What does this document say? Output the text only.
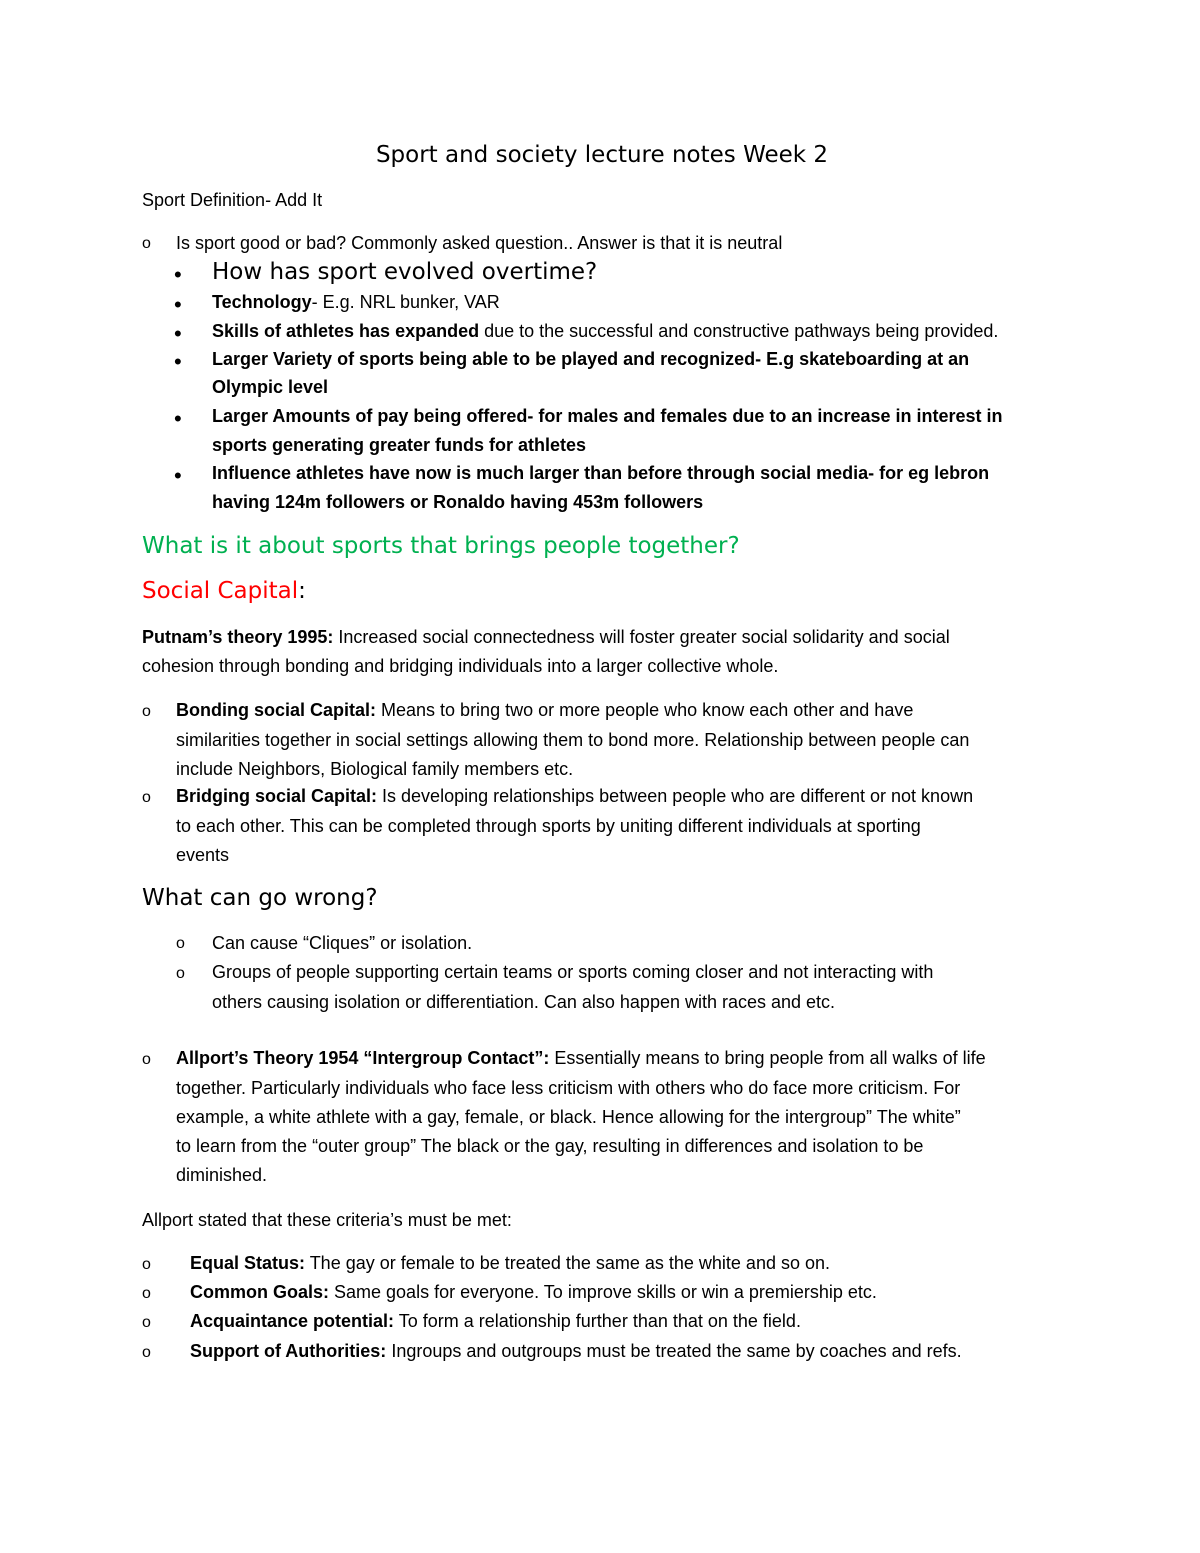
Sport and society lecture notes Week 2
Sport Definition- Add It
o Is sport good or bad? Commonly asked question.. Answer is that it is neutral
• How has sport evolved overtime?
• Technology- E.g. NRL bunker, VAR
• Skills of athletes has expanded due to the successful and constructive pathways being provided.
• Larger Variety of sports being able to be played and recognized- E.g skateboarding at an
Olympic level
• Larger Amounts of pay being offered- for males and females due to an increase in interest in
sports generating greater funds for athletes
• Influence athletes have now is much larger than before through social media- for eg lebron
having 124m followers or Ronaldo having 453m followers
What is it about sports that brings people together?
Social Capital:
Putnam’s theory 1995: Increased social connectedness will foster greater social solidarity and social
cohesion through bonding and bridging individuals into a larger collective whole.
o Bonding social Capital: Means to bring two or more people who know each other and have
similarities together in social settings allowing them to bond more. Relationship between people can
include Neighbors, Biological family members etc.
o Bridging social Capital: Is developing relationships between people who are different or not known
to each other. This can be completed through sports by uniting different individuals at sporting
events
What can go wrong?
o Can cause “Cliques” or isolation.
o Groups of people supporting certain teams or sports coming closer and not interacting with
others causing isolation or differentiation. Can also happen with races and etc.
o Allport’s Theory 1954 “Intergroup Contact”: Essentially means to bring people from all walks of life
together. Particularly individuals who face less criticism with others who do face more criticism. For
example, a white athlete with a gay, female, or black. Hence allowing for the intergroup” The white”
to learn from the “outer group” The black or the gay, resulting in differences and isolation to be
diminished.
Allport stated that these criteria’s must be met:
o Equal Status: The gay or female to be treated the same as the white and so on.
o Common Goals: Same goals for everyone. To improve skills or win a premiership etc.
o Acquaintance potential: To form a relationship further than that on the field.
o Support of Authorities: Ingroups and outgroups must be treated the same by coaches and refs.
